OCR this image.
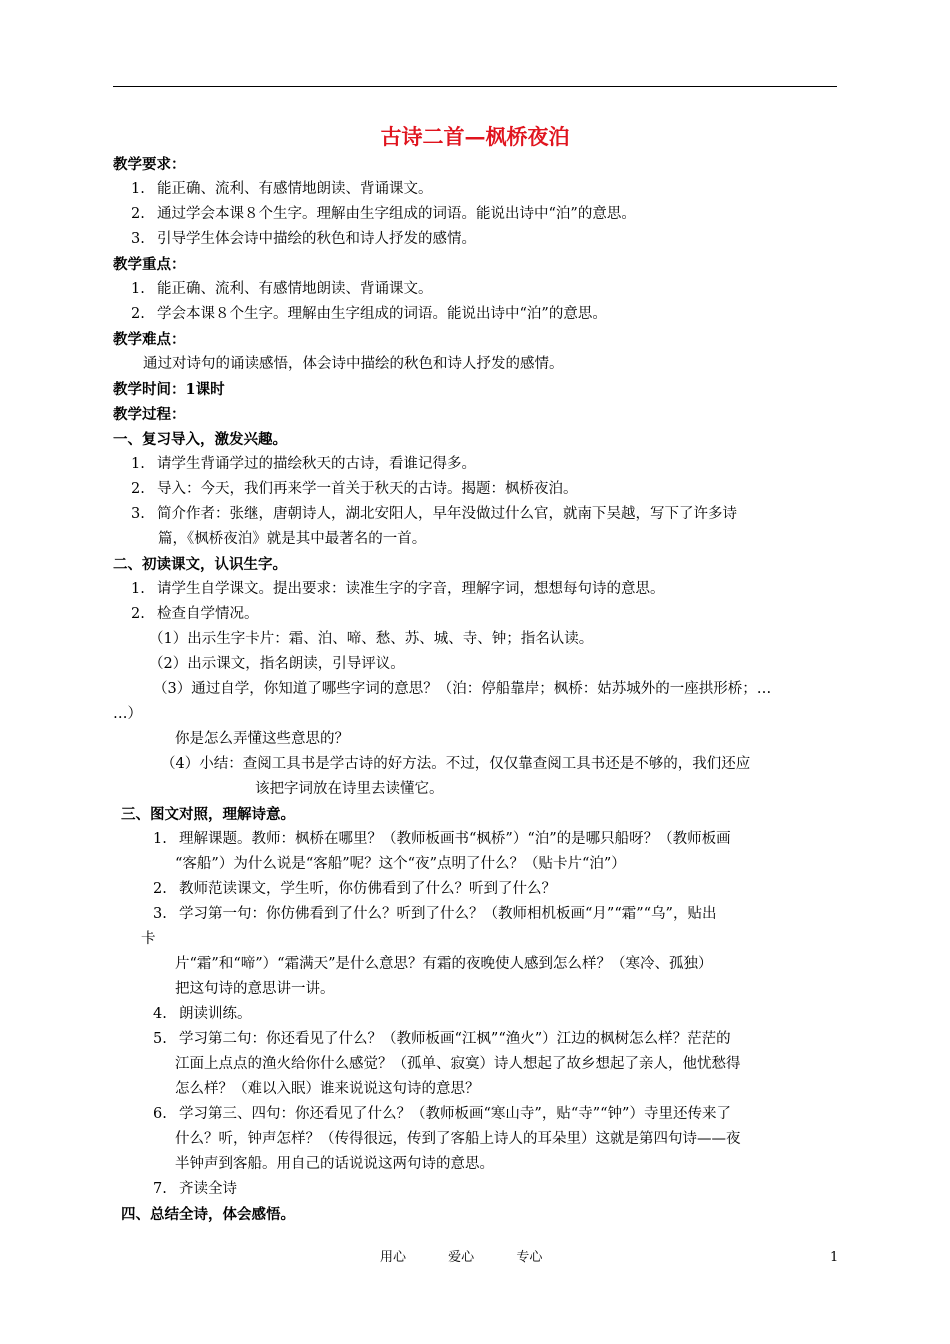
古诗二首—枫桥夜泊
教学要求：
1. 能正确、流利、有感情地朗读、背诵课文。
2. 通过学会本课８个生字。理解由生字组成的词语。能说出诗中“泊”的意思。
3. 引导学生体会诗中描绘的秋色和诗人抒发的感情。
教学重点：
1. 能正确、流利、有感情地朗读、背诵课文。
2. 学会本课８个生字。理解由生字组成的词语。能说出诗中“泊”的意思。
教学难点：
通过对诗句的诵读感悟，体会诗中描绘的秋色和诗人抒发的感情。
教学时间：1课时
教学过程：
一、复习导入，激发兴趣。
1. 请学生背诵学过的描绘秋天的古诗，看谁记得多。
2. 导入：今天，我们再来学一首关于秋天的古诗。揭题：枫桥夜泊。
3. 简介作者：张继，唐朝诗人，湖北安阳人，早年没做过什么官，就南下吴越，写下了许多诗
篇，《枫桥夜泊》就是其中最著名的一首。
二、初读课文，认识生字。
1. 请学生自学课文。提出要求：读准生字的字音，理解字词，想想每句诗的意思。
2. 检查自学情况。
（1）出示生字卡片：霜、泊、啼、愁、苏、城、寺、钟；指名认读。
（2）出示课文，指名朗读，引导评议。
（3）通过自学，你知道了哪些字词的意思？（泊：停船靠岸；枫桥：姑苏城外的一座拱形桥；…
…）
你是怎么弄懂这些意思的？
（4）小结：查阅工具书是学古诗的好方法。不过，仅仅靠查阅工具书还是不够的，我们还应
该把字词放在诗里去读懂它。
三、图文对照，理解诗意。
1. 理解课题。教师：枫桥在哪里？（教师板画书“枫桥”）“泊”的是哪只船呀？（教师板画
“客船”）为什么说是“客船”呢？这个“夜”点明了什么？（贴卡片“泊”）
2. 教师范读课文，学生听，你仿佛看到了什么？听到了什么？
3. 学习第一句：你仿佛看到了什么？听到了什么？（教师相机板画“月”“霜”“乌”，贴出
卡
片“霜”和“啼”）“霜满天”是什么意思？有霜的夜晚使人感到怎么样？（寒冷、孤独）
把这句诗的意思讲一讲。
4. 朗读训练。
5. 学习第二句：你还看见了什么？（教师板画“江枫”“渔火”）江边的枫树怎么样？茫茫的
江面上点点的渔火给你什么感觉？（孤单、寂寞）诗人想起了故乡想起了亲人，他忧愁得
怎么样？（难以入眠）谁来说说这句诗的意思？
6. 学习第三、四句：你还看见了什么？（教师板画“寒山寺”，贴“寺”“钟”）寺里还传来了
什么？听，钟声怎样？（传得很远，传到了客船上诗人的耳朵里）这就是第四句诗——夜
半钟声到客船。用自己的话说说这两句诗的意思。
7. 齐读全诗
四、总结全诗，体会感悟。
用心	爱心	专心	1
